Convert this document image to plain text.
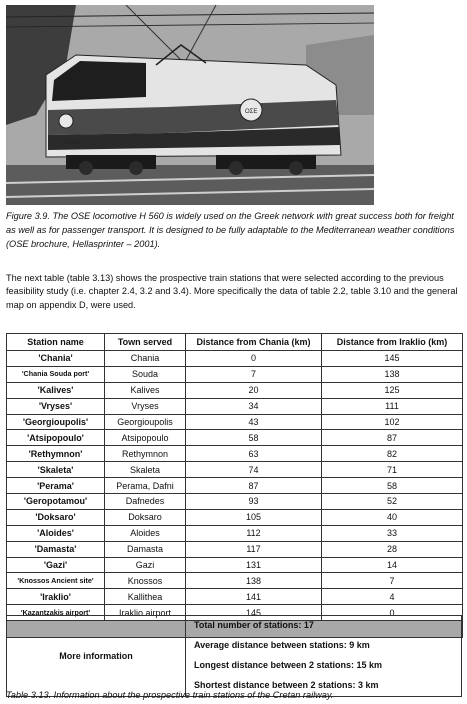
H 560
ΟΣΕ
Figure 3.9. The OSE locomotive H 560 is widely used on the Greek network with great success both for freight as well as for passenger transport. It is designed to be fully adaptable to the Mediterranean weather conditions (OSE brochure, Hellasprinter – 2001).
The next table (table 3.13) shows the prospective train stations that were selected according to the previous feasibility study (i.e. chapter 2.4, 3.2 and 3.4). More specifically the data of table 2.2, table 3.10 and the general map on appendix D, were used.
Station name	Town served	Distance from Chania (km)	Distance from Iraklio (km)
'Chania'	Chania	0	145
'Chania Souda port'	Souda	7	138
'Kalives'	Kalives	20	125
'Vryses'	Vryses	34	111
'Georgioupolis'	Georgioupolis	43	102
'Atsipopoulo'	Atsipopoulo	58	87
'Rethymnon'	Rethymnon	63	82
'Skaleta'	Skaleta	74	71
'Perama'	Perama, Dafni	87	58
'Geropotamou'	Dafnedes	93	52
'Doksaro'	Doksaro	105	40
'Aloides'	Aloides	112	33
'Damasta'	Damasta	117	28
'Gazi'	Gazi	131	14
'Knossos Ancient site'	Knossos	138	7
'Iraklio'	Kallithea	141	4
'Kazantzakis airport'	Iraklio airport	145	0

More information
Total number of stations: 17
Average distance between stations: 9 km
Longest distance between 2 stations: 15 km
Shortest distance between 2 stations: 3 km
Table 3.13. Information about the prospective train stations of the Cretan railway.
